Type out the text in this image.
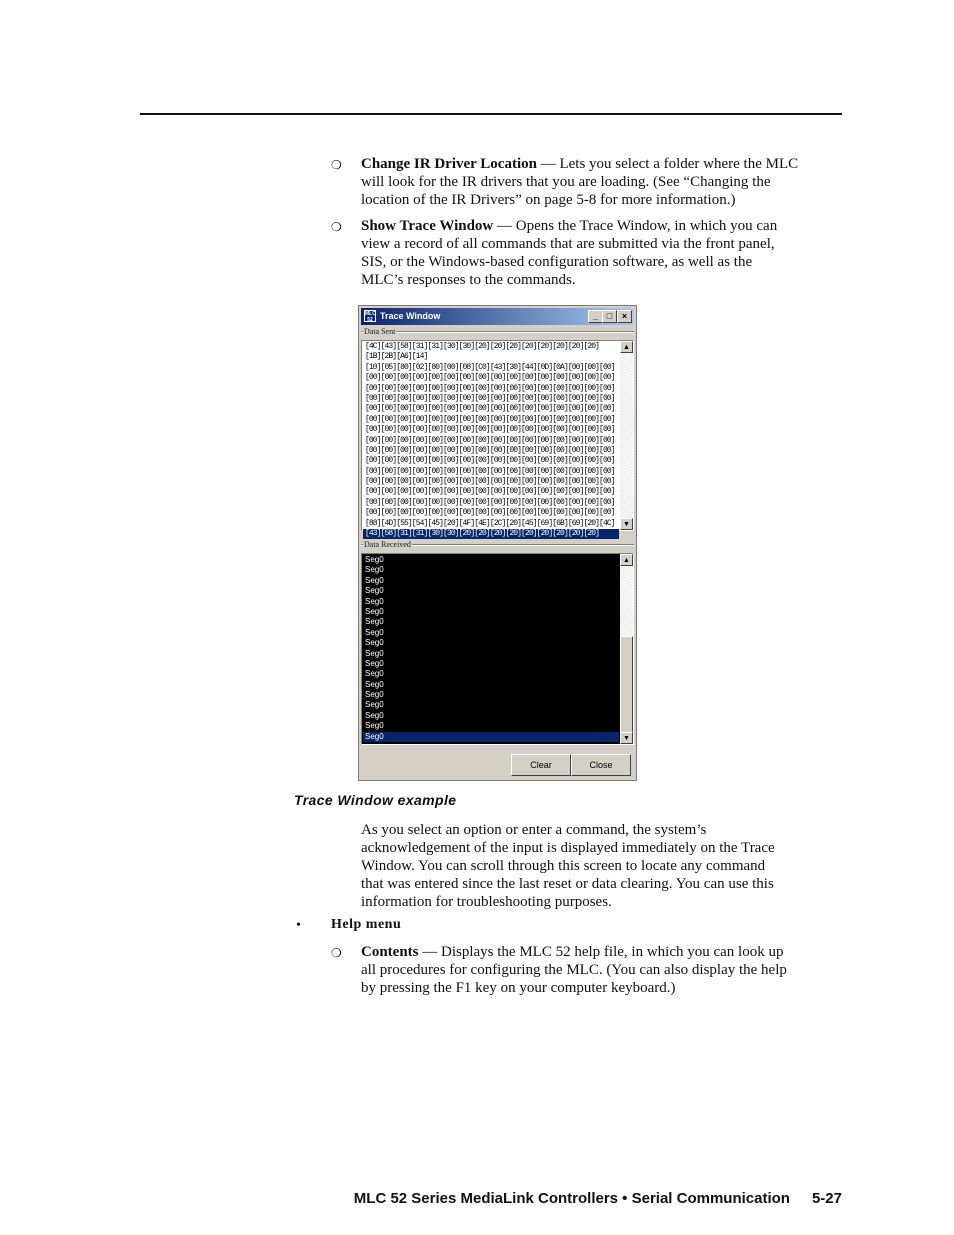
❍ Change IR Driver Location — Lets you select a folder where the MLC
will look for the IR drivers that you are loading. (See “Changing the
location of the IR Drivers” on page 5-8 for more information.)
❍ Show Trace Window — Opens the Trace Window, in which you can
view a record of all commands that are submitted via the front panel,
SIS, or the Windows-based configuration software, as well as the
MLC’s responses to the commands.
MLC 52 Trace Window	_ □	×
Data Sent
[4C][43][58][31][31][30][30][20][20][20][20][20][20][20][20]
[1B][2B][A6][14]
[10][05][80][02][80][00][08][C0][43][30][44][0D][0A][00][00][00]
[00][00][00][00][00][00][00][00][00][00][00][00][00][00][00][00]
[00][00][00][00][00][00][00][00][00][00][00][00][00][00][00][00]
[00][00][00][00][00][00][00][00][00][00][00][00][00][00][00][00]
[00][00][00][00][00][00][00][00][00][00][00][00][00][00][00][00]
[00][00][00][00][00][00][00][00][00][00][00][00][00][00][00][00]
[00][00][00][00][00][00][00][00][00][00][00][00][00][00][00][00]
[00][00][00][00][00][00][00][00][00][00][00][00][00][00][00][00]
[00][00][00][00][00][00][00][00][00][00][00][00][00][00][00][00]
[00][00][00][00][00][00][00][00][00][00][00][00][00][00][00][00]
[00][00][00][00][00][00][00][00][00][00][00][00][00][00][00][00]
[00][00][00][00][00][00][00][00][00][00][00][00][00][00][00][00]
[00][00][00][00][00][00][00][00][00][00][00][00][00][00][00][00]
[00][00][00][00][00][00][00][00][00][00][00][00][00][00][00][00]
[00][00][00][00][00][00][00][00][00][00][00][00][00][00][00][00]
[88][4D][55][54][45][20][4F][4E][2C][20][45][69][6B][69][20][4C]
[43][58][31][31][30][30][20][20][20][20][20][20][20][20][20]
▲
▼
Data Received
Seg0
Seg0
Seg0
Seg0
Seg0
Seg0
Seg0
Seg0
Seg0
Seg0
Seg0
Seg0
Seg0
Seg0
Seg0
Seg0
Seg0
Seg0
▲
▼
Clear	Close
Trace Window example
As you select an option or enter a command, the system’s
acknowledgement of the input is displayed immediately on the Trace
Window. You can scroll through this screen to locate any command
that was entered since the last reset or data clearing. You can use this
information for troubleshooting purposes.
• Help menu
❍ Contents — Displays the MLC 52 help file, in which you can look up
all procedures for configuring the MLC. (You can also display the help
by pressing the F1 key on your computer keyboard.)
MLC 52 Series MediaLink Controllers • Serial Communication 5-27
